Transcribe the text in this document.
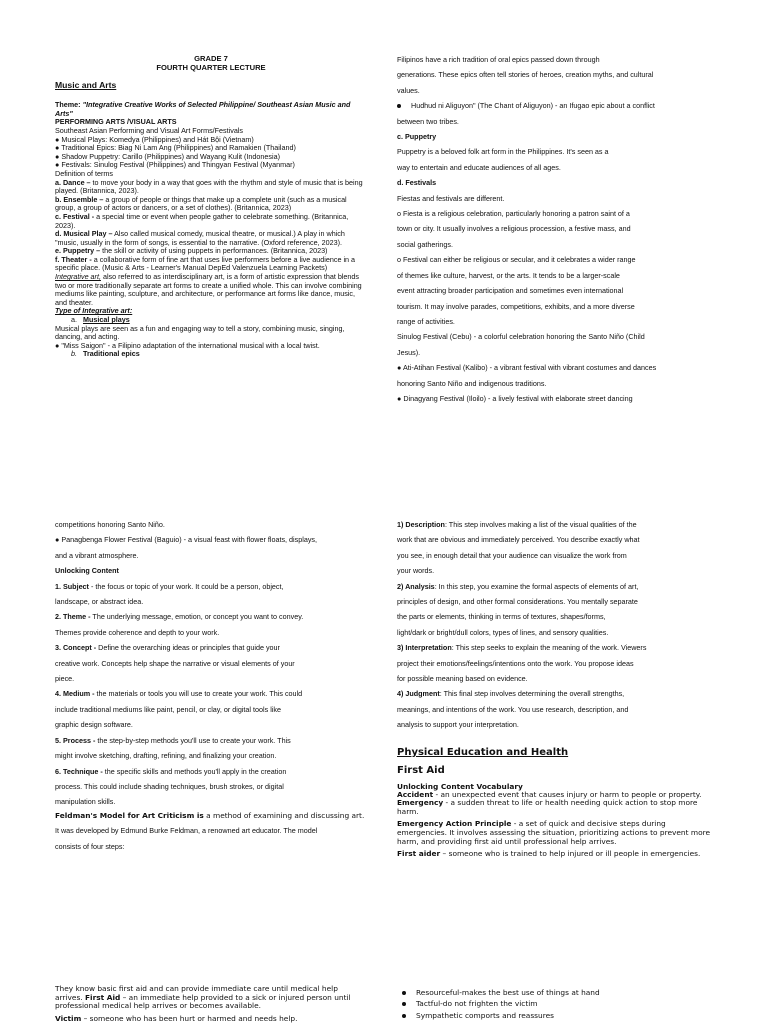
GRADE 7

FOURTH QUARTER LECTURE

Music and Arts

Theme: "Integrative Creative Works of Selected Philippine/ Southeast Asian Music and Arts"

PERFORMING ARTS /VISUAL ARTS

Southeast Asian Performing and Visual Art Forms/Festivals

● Musical Plays: Komedya (Philippines) and Hát Bội (Vietnam)

● Traditional Epics: Biag Ni Lam Ang (Philippines) and Ramakien (Thailand)

● Shadow Puppetry: Carillo (Philippines) and Wayang Kulit (Indonesia)

● Festivals: Sinulog Festival (Philippines) and Thingyan Festival (Myanmar)

Definition of terms

a. Dance – to move your body in a way that goes with the rhythm and style of music that is being played. (Britannica, 2023).

b. Ensemble – a group of people or things that make up a complete unit (such as a musical group, a group of actors or dancers, or a set of clothes). (Britannica, 2023)

c. Festival - a special time or event when people gather to celebrate something. (Britannica, 2023).

d. Musical Play – Also called musical comedy, musical theatre, or musical.) A play in which "music, usually in the form of songs, is essential to the narrative. (Oxford reference, 2023).

e. Puppetry – the skill or activity of using puppets in performances. (Britannica, 2023)

f. Theater - a collaborative form of fine art that uses live performers before a live audience in a specific place. (Music & Arts - Learner's Manual DepEd Valenzuela Learning Packets)

Integrative art, also referred to as interdisciplinary art, is a form of artistic expression that blends two or more traditionally separate art forms to create a unified whole. This can involve combining mediums like painting, sculpture, and architecture, or performance art forms like dance, music, and theater.

Type of Integrative art:

a. Musical plays

Musical plays are seen as a fun and engaging way to tell a story, combining music, singing, dancing, and acting.

● "Miss Saigon" - a Filipino adaptation of the international musical with a local twist.

b. Traditional epics

Filipinos have a rich tradition of oral epics passed down through

generations. These epics often tell stories of heroes, creation myths, and cultural

values.

Hudhud ni Aliguyon" (The Chant of Aliguyon) - an Ifugao epic about a conflict

between two tribes.

c. Puppetry

Puppetry is a beloved folk art form in the Philippines. It's seen as a

way to entertain and educate audiences of all ages.

d. Festivals

Fiestas and festivals are different.

o Fiesta is a religious celebration, particularly honoring a patron saint of a

town or city. It usually involves a religious procession, a festive mass, and

social gatherings.

o Festival can either be religious or secular, and it celebrates a wider range

of themes like culture, harvest, or the arts. It tends to be a larger-scale

event attracting broader participation and sometimes even international

tourism. It may involve parades, competitions, exhibits, and a more diverse

range of activities.

Sinulog Festival (Cebu) - a colorful celebration honoring the Santo Niño (Child

Jesus).

● Ati-Atihan Festival (Kalibo) - a vibrant festival with vibrant costumes and dances

honoring Santo Niño and indigenous traditions.

● Dinagyang Festival (Iloilo) - a lively festival with elaborate street dancing

competitions honoring Santo Niño.

● Panagbenga Flower Festival (Baguio) - a visual feast with flower floats, displays,

and a vibrant atmosphere.

Unlocking Content

1. Subject - the focus or topic of your work. It could be a person, object,

landscape, or abstract idea.

2. Theme - The underlying message, emotion, or concept you want to convey.

Themes provide coherence and depth to your work.

3. Concept - Define the overarching ideas or principles that guide your

creative work. Concepts help shape the narrative or visual elements of your

piece.

4. Medium - the materials or tools you will use to create your work. This could

include traditional mediums like paint, pencil, or clay, or digital tools like

graphic design software.

5. Process - the step-by-step methods you'll use to create your work. This

might involve sketching, drafting, refining, and finalizing your creation.

6. Technique - the specific skills and methods you'll apply in the creation

process. This could include shading techniques, brush strokes, or digital

manipulation skills.

Feldman's Model for Art Criticism is a method of examining and discussing art.

It was developed by Edmund Burke Feldman, a renowned art educator. The model

consists of four steps:

1) Description: This step involves making a list of the visual qualities of the

work that are obvious and immediately perceived. You describe exactly what

you see, in enough detail that your audience can visualize the work from

your words.

2) Analysis: In this step, you examine the formal aspects of elements of art,

principles of design, and other formal considerations. You mentally separate

the parts or elements, thinking in terms of textures, shapes/forms,

light/dark or bright/dull colors, types of lines, and sensory qualities.

3) Interpretation: This step seeks to explain the meaning of the work. Viewers

project their emotions/feelings/intentions onto the work. You propose ideas

for possible meaning based on evidence.

4) Judgment: This final step involves determining the overall strengths,

meanings, and intentions of the work. You use research, description, and

analysis to support your interpretation.

Physical Education and Health

First Aid

Unlocking Content Vocabulary

Accident - an unexpected event that causes injury or harm to people or property. Emergency - a sudden threat to life or health needing quick action to stop more harm.

Emergency Action Principle - a set of quick and decisive steps during emergencies. It involves assessing the situation, prioritizing actions to prevent more harm, and providing first aid until professional help arrives.

First aider – someone who is trained to help injured or ill people in emergencies.

They know basic first aid and can provide immediate care until medical help arrives. First Aid – an immediate help provided to a sick or injured person until professional medical help arrives or becomes available.

Victim – someone who has been hurt or harmed and needs help.

Resourceful-makes the best use of things at hand

Tactful-do not frighten the victim

Sympathetic comports and reassures
